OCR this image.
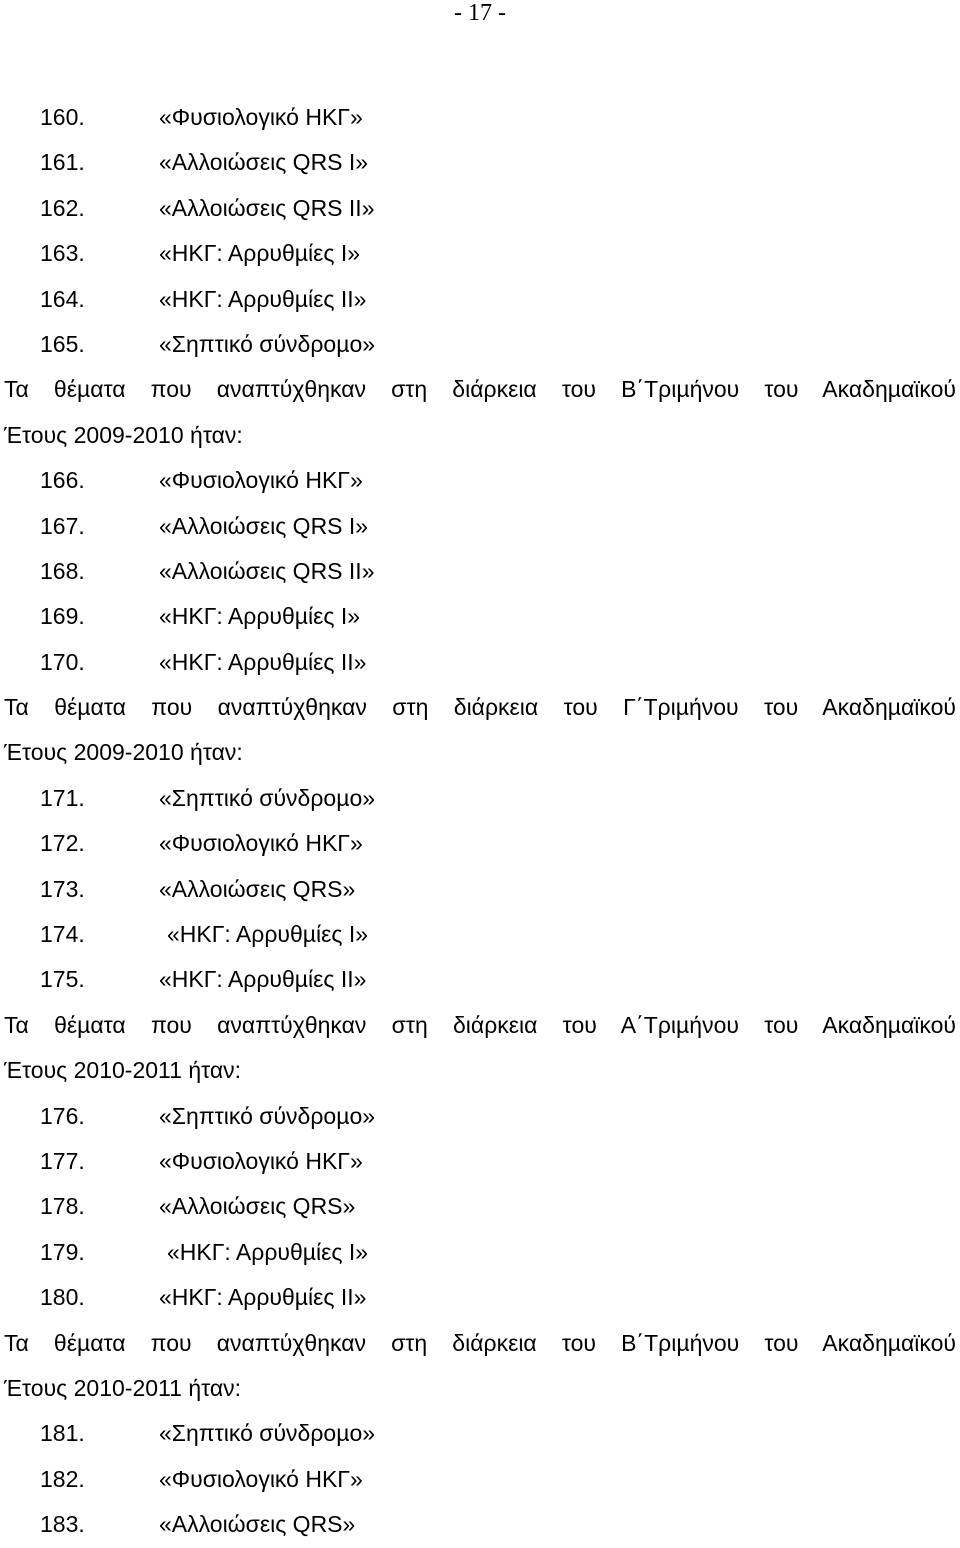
- 17 -
160.	«Φυσιολογικό ΗΚΓ»
161.	«Αλλοιώσεις QRS I»
162.	«Αλλοιώσεις QRS II»
163.	«ΗΚΓ: Αρρυθµίες I»
164.	«ΗΚΓ: Αρρυθµίες II»
165.	«Σηπτικό σύνδροµο»
Τα θέµατα που αναπτύχθηκαν στη διάρκεια του Β΄Τριµήνου του Ακαδηµαϊκού
Έτους 2009-2010 ήταν:
166.	«Φυσιολογικό ΗΚΓ»
167.	«Αλλοιώσεις QRS I»
168.	«Αλλοιώσεις QRS II»
169.	«ΗΚΓ: Αρρυθµίες I»
170.	«ΗΚΓ: Αρρυθµίες II»
Τα θέµατα που αναπτύχθηκαν στη διάρκεια του Γ΄Τριµήνου του Ακαδηµαϊκού
Έτους 2009-2010 ήταν:
171.	«Σηπτικό σύνδροµο»
172.	«Φυσιολογικό ΗΚΓ»
173.	«Αλλοιώσεις QRS»
174.	«ΗΚΓ: Αρρυθµίες I»
175.	«ΗΚΓ: Αρρυθµίες II»
Τα θέµατα που αναπτύχθηκαν στη διάρκεια του Α΄Τριµήνου του Ακαδηµαϊκού
Έτους 2010-2011 ήταν:
176.	«Σηπτικό σύνδροµο»
177.	«Φυσιολογικό ΗΚΓ»
178.	«Αλλοιώσεις QRS»
179.	«ΗΚΓ: Αρρυθµίες I»
180.	«ΗΚΓ: Αρρυθµίες II»
Τα θέµατα που αναπτύχθηκαν στη διάρκεια του Β΄Τριµήνου του Ακαδηµαϊκού
Έτους 2010-2011 ήταν:
181.	«Σηπτικό σύνδροµο»
182.	«Φυσιολογικό ΗΚΓ»
183.	«Αλλοιώσεις QRS»
